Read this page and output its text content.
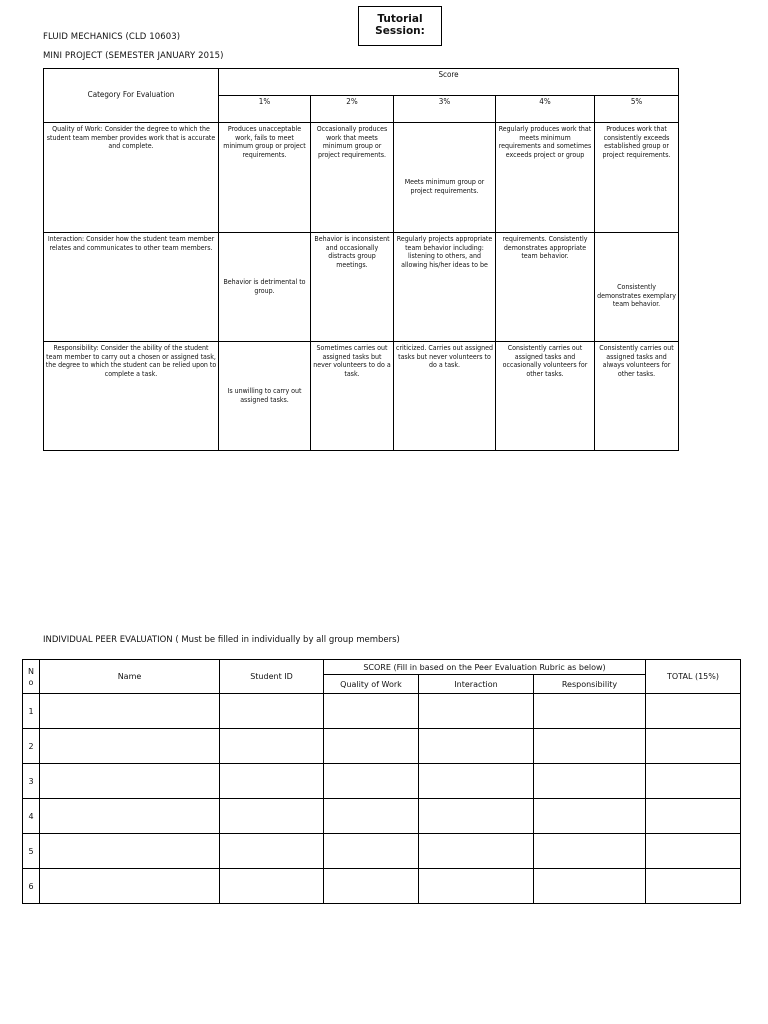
Tutorial
Session:
FLUID MECHANICS (CLD 10603)
MINI PROJECT (SEMESTER JANUARY 2015)
Category For Evaluation	Score				
	1%	2%	3%	4%	5%
Quality of Work: Consider the degree to which the student team member provides work that is accurate and complete.	Produces unacceptable work, fails to meet minimum group or project requirements.	Occasionally produces work that meets minimum group or project requirements.	Meets minimum group or project requirements.	Regularly produces work that meets minimum requirements and sometimes exceeds project or group	Produces work that consistently exceeds established group or project requirements.
Interaction: Consider how the student team member relates and communicates to other team members.	Behavior is detrimental to group.	Behavior is inconsistent and occasionally distracts group meetings.	Regularly projects appropriate team behavior including: listening to others, and allowing his/her ideas to be	requirements. Consistently demonstrates appropriate team behavior.	Consistently demonstrates exemplary team behavior.
Responsibility: Consider the ability of the student team member to carry out a chosen or assigned task, the degree to which the student can be relied upon to complete a task.	Is unwilling to carry out assigned tasks.	Sometimes carries out assigned tasks but never volunteers to do a task.	criticized. Carries out assigned tasks but never volunteers to do a task.	Consistently carries out assigned tasks and occasionally volunteers for other tasks.	Consistently carries out assigned tasks and always volunteers for other tasks.
INDIVIDUAL PEER EVALUATION ( Must be filled in individually by all group members)
No	Name	Student ID	SCORE (Fill in based on the Peer Evaluation Rubric as below)			TOTAL (15%)
			Quality of Work	Interaction	Responsibility	
1						
2						
3						
4						
5						
6						
